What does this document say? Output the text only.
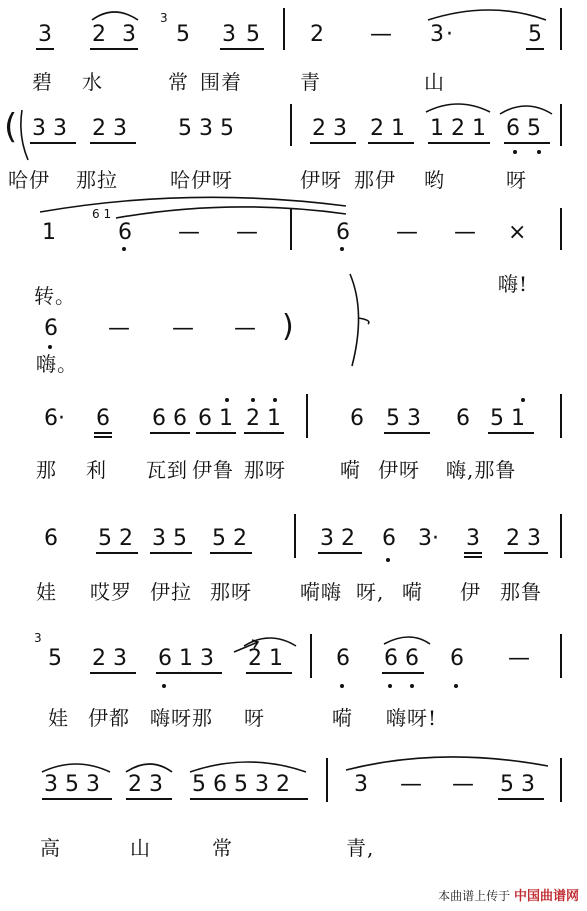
3 2 3
3
5 3 5 2 — 3 ·	5
碧 水	常 围着	青	山
( 3 3 2 3 5 3 5	2 3 2 1 1 2 1 6 5
哈伊 那拉	哈伊呀	伊呀 那伊 哟	呀
1
6 1
6 — —	6 — — ×
转。	嗨!
6 — — — )
嗨。
6· 6 6 6 6 1 2 1	6 5 3 6 5 1
那 利 瓦到 伊鲁 那呀	嗬 伊呀 嗨,那鲁
6 5 2 3 5 5 2	3 2 6 3· 3 2 3
娃 哎罗 伊拉 那呀 嗬嗨 呀, 嗬 伊 那鲁
3
5 2 3 6 1 3 2 1 6 6 6 6 —
娃 伊都 嗨呀那 呀	嗬 嗨呀!
3 5 3 2 3 5 6 5 3 2	3 — — 5 3
高	山	常	青,
本曲谱上传于 中国曲谱网
